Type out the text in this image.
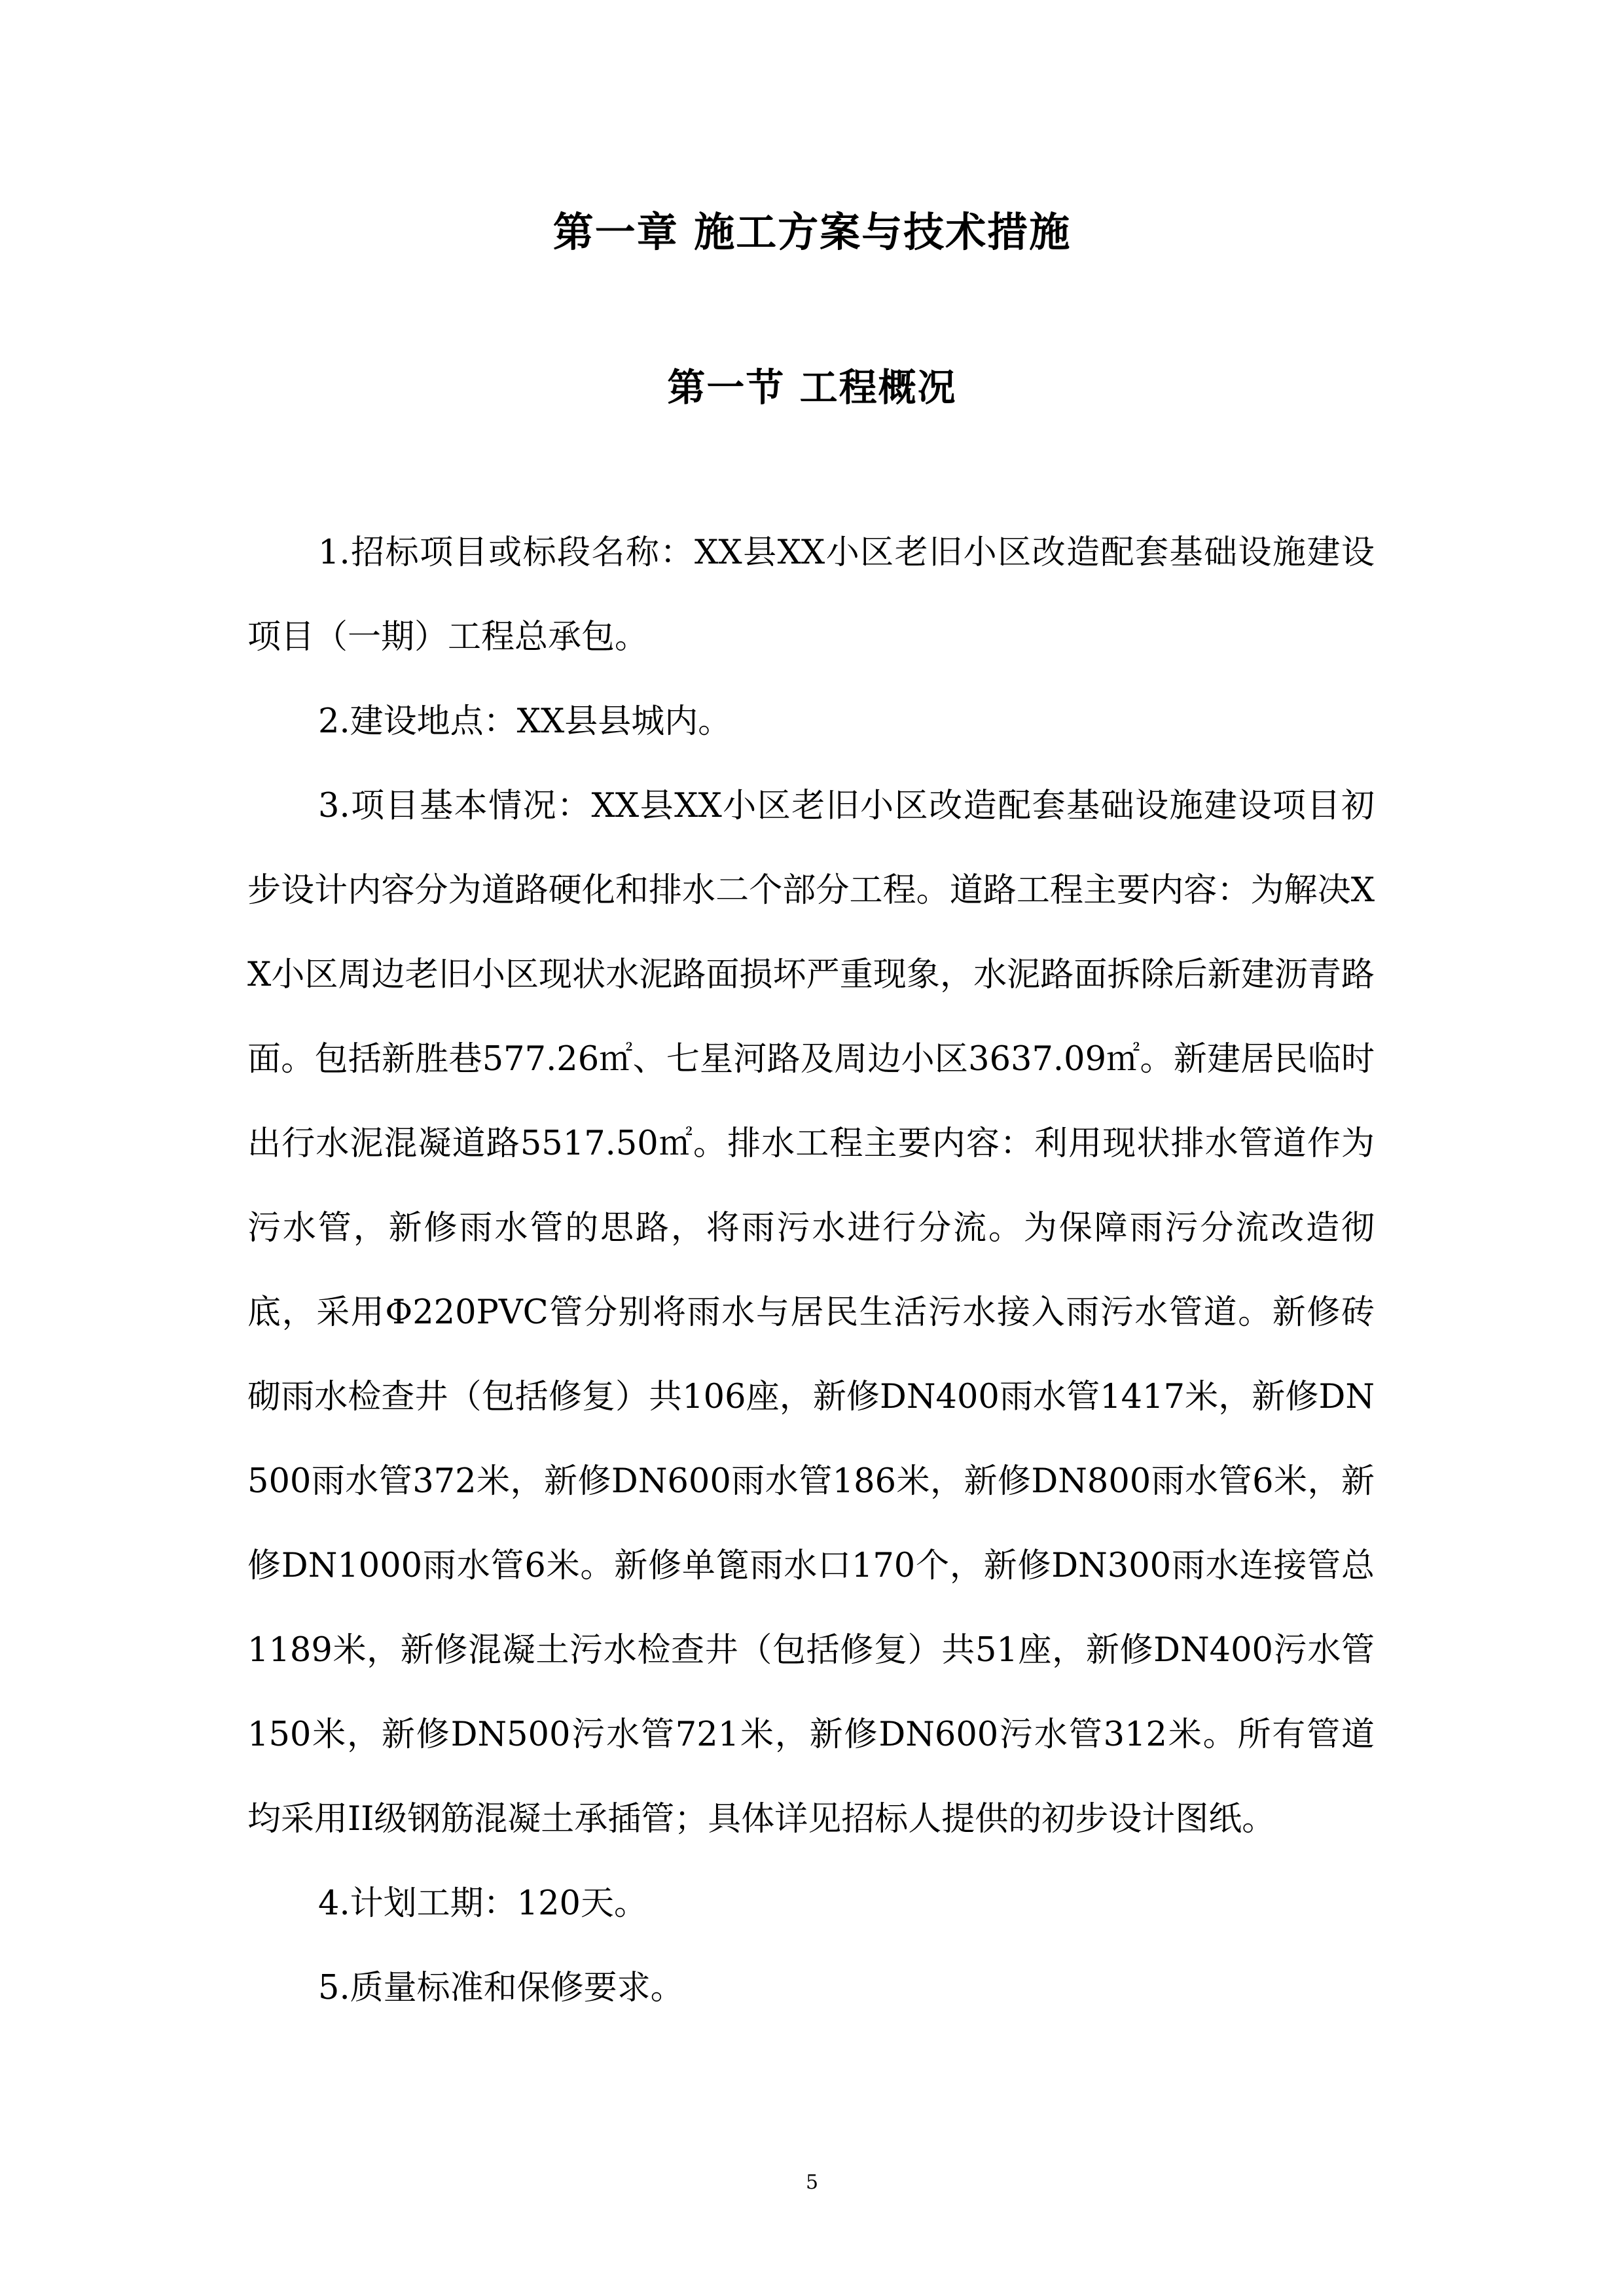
第一章 施工方案与技术措施
第一节 工程概况

1.招标项目或标段名称：XX县XX小区老旧小区改造配套基础设施建设项目（一期）工程总承包。

2.建设地点：XX县县城内。

3.项目基本情况：XX县XX小区老旧小区改造配套基础设施建设项目初步设计内容分为道路硬化和排水二个部分工程。道路工程主要内容：为解决XX小区周边老旧小区现状水泥路面损坏严重现象，水泥路面拆除后新建沥青路面。包括新胜巷577.26㎡、七星河路及周边小区3637.09㎡。新建居民临时出行水泥混凝道路5517.50㎡。排水工程主要内容：利用现状排水管道作为污水管，新修雨水管的思路，将雨污水进行分流。为保障雨污分流改造彻底，采用Φ220PVC管分别将雨水与居民生活污水接入雨污水管道。新修砖砌雨水检查井（包括修复）共106座，新修DN400雨水管1417米，新修DN500雨水管372米，新修DN600雨水管186米，新修DN800雨水管6米，新修DN1000雨水管6米。新修单篦雨水口170个，新修DN300雨水连接管总1189米，新修混凝土污水检查井（包括修复）共51座，新修DN400污水管150米，新修DN500污水管721米，新修DN600污水管312米。所有管道均采用II级钢筋混凝土承插管；具体详见招标人提供的初步设计图纸。

4.计划工期：120天。

5.质量标准和保修要求。

5
